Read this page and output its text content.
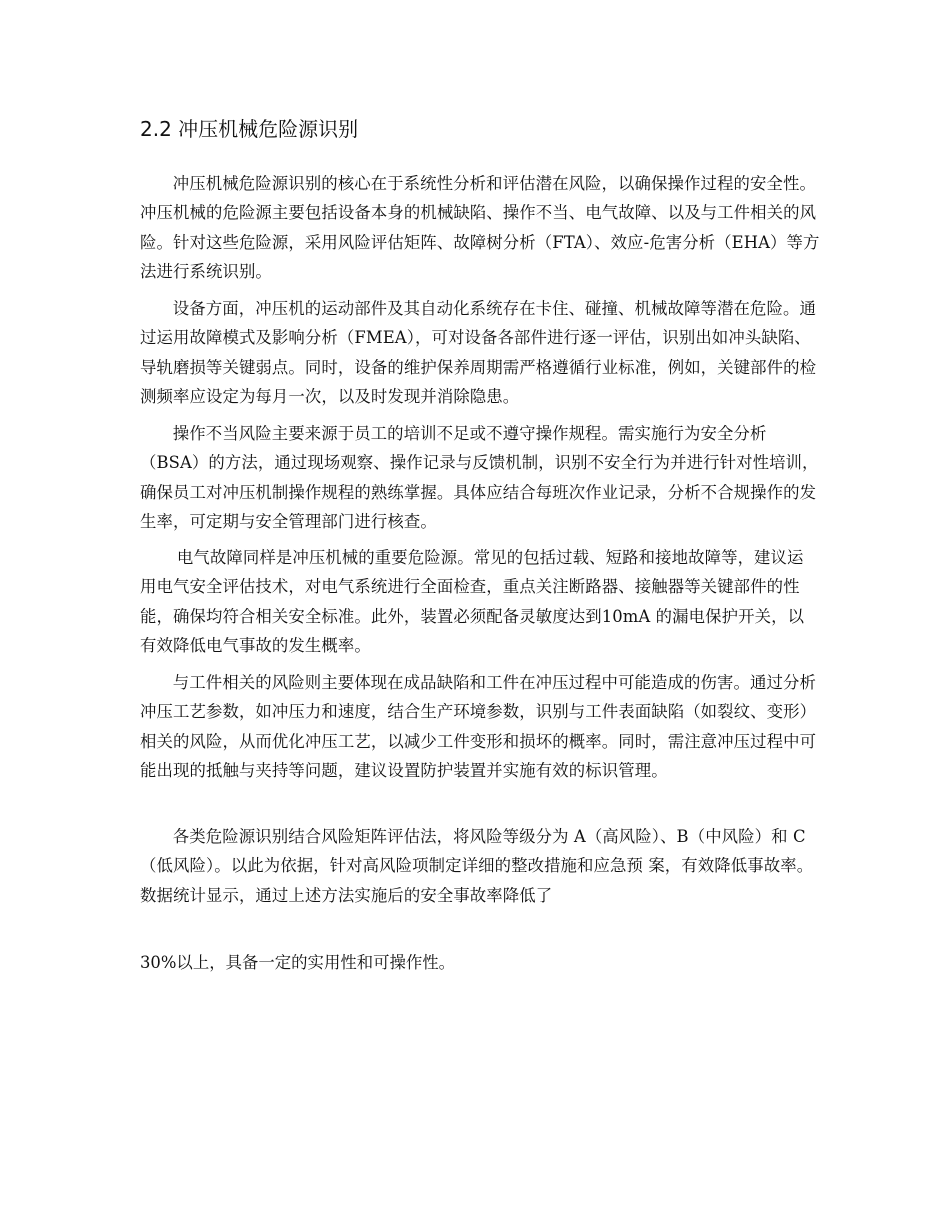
2.2 冲压机械危险源识别

冲压机械危险源识别的核心在于系统性分析和评估潜在风险，以确保操作过程的安全性。冲压机械的危险源主要包括设备本身的机械缺陷、操作不当、电气故障、以及与工件相关的风险。针对这些危险源，采用风险评估矩阵、故障树分析（FTA）、效应-危害分析（EHA）等方法进行系统识别。

设备方面，冲压机的运动部件及其自动化系统存在卡住、碰撞、机械故障等潜在危险。通过运用故障模式及影响分析（FMEA），可对设备各部件进行逐一评估，识别出如冲头缺陷、导轨磨损等关键弱点。同时，设备的维护保养周期需严格遵循行业标准，例如，关键部件的检测频率应设定为每月一次，以及时发现并消除隐患。

操作不当风险主要来源于员工的培训不足或不遵守操作规程。需实施行为安全分析（BSA）的方法，通过现场观察、操作记录与反馈机制，识别不安全行为并进行针对性培训，确保员工对冲压机制操作规程的熟练掌握。具体应结合每班次作业记录，分析不合规操作的发生率，可定期与安全管理部门进行核查。

电气故障同样是冲压机械的重要危险源。常见的包括过载、短路和接地故障等，建议运用电气安全评估技术，对电气系统进行全面检查，重点关注断路器、接触器等关键部件的性能，确保均符合相关安全标准。此外，装置必须配备灵敏度达到10mA 的漏电保护开关，以有效降低电气事故的发生概率。

与工件相关的风险则主要体现在成品缺陷和工件在冲压过程中可能造成的伤害。通过分析冲压工艺参数，如冲压力和速度，结合生产环境参数，识别与工件表面缺陷（如裂纹、变形）相关的风险，从而优化冲压工艺，以减少工件变形和损坏的概率。同时，需注意冲压过程中可能出现的抵触与夹持等问题，建议设置防护装置并实施有效的标识管理。

各类危险源识别结合风险矩阵评估法，将风险等级分为 A（高风险）、B（中风险）和 C（低风险）。以此为依据，针对高风险项制定详细的整改措施和应急预 案，有效降低事故率。数据统计显示，通过上述方法实施后的安全事故率降低了

30%以上，具备一定的实用性和可操作性。
